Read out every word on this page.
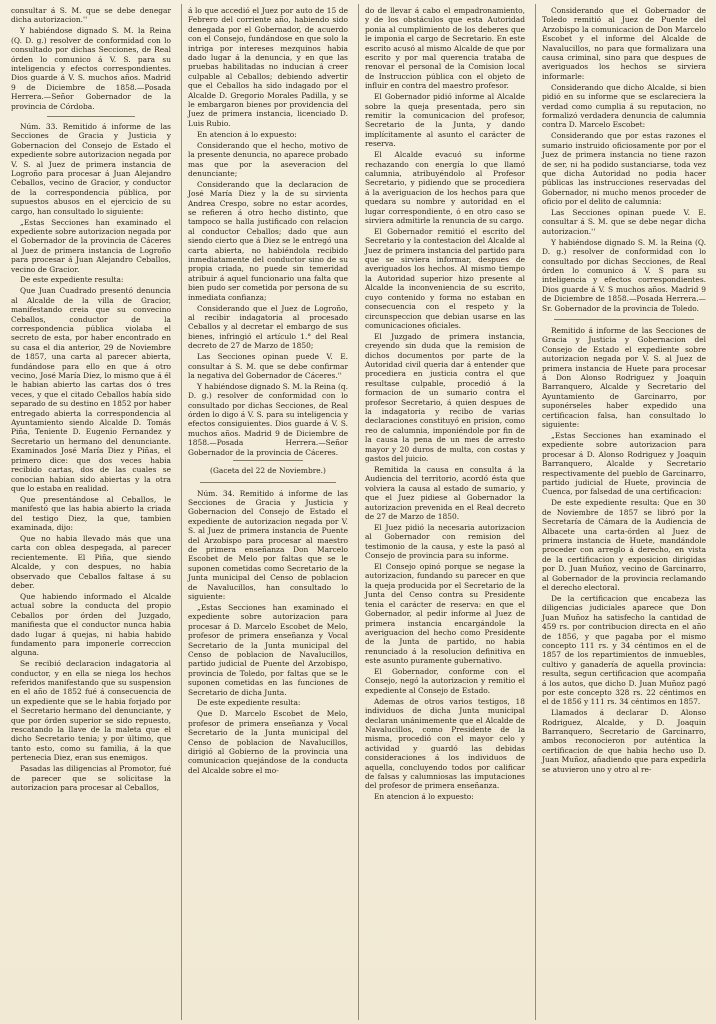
consultar á S. M. que se debe denegar dicha autorizacion.''

Y habiéndose dignado S. M. la Reina (Q. D. g.) resolver de conformidad con lo consultado por dichas Secciones, de Real órden lo comunico á V. S. para su inteligencia y efectos correspondientes. Dios guarde á V. S. muchos años. Madrid 9 de Diciembre de 1858.—Posada Herrera.—Señor Gobernador de la provincia de Córdoba.

Núm. 33. Remitido á informe de las Secciones de Gracia y Justicia y Gobernacion del Consejo de Estado el expediente sobre autorizacion negada por V. S. al Juez de primera instancia de Logroño para procesar á Juan Alejandro Ceballos, vecino de Gracior, y conductor de la correspondencia pública, por supuestos abusos en el ejercicio de su cargo, han consultado lo siguiente:

„Estas Secciones han examinado el expediente sobre autorizacion negada por el Gobernador de la provincia de Cáceres al Juez de primera instancia de Logroño para procesar á Juan Alejandro Ceballos, vecino de Gracior.

De este expediente resulta:

Que Juan Cuadrado presentó denuncia al Alcalde de la villa de Gracior, manifestando creia que su convecino Ceballos, conductor de la correspondencia pública violaba el secreto de esta, por haber encontrado en su casa el dia anterior, 29 de Noviembre de 1857, una carta al parecer abierta, fundándose para ello en que á otro vecino, José María Diez, lo mismo que á él le habian abierto las cartas dos ó tres veces, y que el citado Ceballos había sido separado de su destino en 1852 por haber entregado abierta la correspondencia al Ayuntamiento siendo Alcalde D. Tomás Piña, Teniente D. Eugenio Fernandez y Secretario un hermano del denunciante. Examinados José María Diez y Piñas, el primero dice: que dos veces habia recibido cartas, dos de las cuales se conocian habian sido abiertas y la otra que lo estaba en realidad.

Que presentándose al Ceballos, le manifestó que las habia abierto la criada del testigo Diez, la que, tambien examinada, dijo:

Que no habia llevado más que una carta con oblea despegada, al parecer recientemente. El Piña, que siendo Alcalde, y con despues, no habia observado que Ceballos faltase á su deber.

Que habiendo informado el Alcalde actual sobre la conducta del propio Ceballos por órden del Juzgado, manifiesta que el conductor nunca habia dado lugar á quejas, ni habia habido fundamento para imponerle correccion alguna.

Se recibió declaracion indagatoria al conductor, y en ella se niega los hechos referidos manifestando que su suspension en el año de 1852 fué á consecuencia de un expediente que se le habia forjado por el Secretario hermano del denunciante, y que por órden superior se sido repuesto, rescatando la llave de la maleta que el dicho Secretario tenia; y por último, que tanto esto, como su familia, á la que pertenecia Diez, eran sus enemigos.

Pasadas las diligencias al Promotor, fué de parecer que se solicitase la autorizacion para procesar al Ceballos,

á lo que accedió el Juez por auto de 15 de Febrero del corriente año, habiendo sido denegada por el Gobernador, de acuerdo con el Consejo, fundándose en que solo la intriga por intereses mezquinos habia dado lugar á la denuncia, y en que las pruebas habilitadas no inducian á creer culpable al Ceballos; debiendo advertir que el Ceballos ha sido indagado por el Alcalde D. Gregorio Morales Padilla, y se le embargaron bienes por providencia del Juez de primera instancia, licenciado D. Luis Rubio.

En atencion á lo expuesto:

Considerando que el hecho, motivo de la presente denuncia, no aparece probado mas que por la aseveracion del denunciante;

Considerando que la declaracion de José María Diez y la de su sirvienta Andrea Crespo, sobre no estar acordes, se refieren á otro hecho distinto, que tampoco se halla justificado con relacion al conductor Ceballos; dado que aun siendo cierto que á Diez se le entregó una carta abierta, no habiéndola recibido inmediatamente del conductor sino de su propia criada, no puede sin temeridad atribuir á aquel funcionario una falta que bien pudo ser cometida por persona de su inmediata confianza;

Considerando que el Juez de Logroño, al recibir indagatoria al procesado Ceballos y al decretar el embargo de sus bienes, infringió el artículo 1.° del Real decreto de 27 de Marzo de 1850;

Las Secciones opinan puede V. E. consultar á S. M. que se debe confirmar la negativa del Gobernador de Cáceres.''

Y habiéndose dignado S. M. la Reina (q. D. g.) resolver de conformidad con lo consultado por dichas Secciones, de Real órden lo digo á V. S. para su inteligencia y efectos consiguientes. Dios guarde á V. S. muchos años. Madrid 9 de Diciembre de 1858.—Posada Herrera.—Señor Gobernador de la provincia de Cáceres.

(Gaceta del 22 de Noviembre.)

Núm. 34. Remitido á informe de las Secciones de Gracia y Justicia y Gobernacion del Consejo de Estado el expediente de autorizacion negada por V. S. al Juez de primera instancia de Puente del Arzobispo para procesar al maestro de primera enseñanza Don Marcelo Escobet de Melo por faltas que se le suponen cometidas como Secretario de la Junta municipal del Censo de poblacion de Navalucillos, han consultado lo siguiente:

„Estas Secciones han examinado el expediente sobre autorizacion para procesar á D. Marcelo Escobet de Melo, profesor de primera enseñanza y Vocal Secretario de la Junta municipal del Censo de poblacion de Navalucillos, partido judicial de Puente del Arzobispo, provincia de Toledo, por faltas que se le suponen cometidas en las funciones de Secretario de dicha Junta.

De este expediente resulta:

Que D. Marcelo Escobet de Melo, profesor de primera enseñanza y Vocal Secretario de la Junta municipal del Censo de poblacion de Navalucillos, dirigió al Gobierno de la provincia una comunicacion quejándose de la conducta del Alcalde sobre el mo-

do de llevar á cabo el empadronamiento, y de los obstáculos que esta Autoridad ponia al cumplimiento de los deberes que le imponia el cargo de Secretario. En este escrito acusó al mismo Alcalde de que por escrito y por mal querencia trataba de renovar el personal de la Comision local de Instruccion pública con el objeto de influir en contra del maestro profesor.

El Gobernador pidió informe al Alcalde sobre la queja presentada, pero sin remitir la comunicacion del profesor, Secretario de la Junta, y dando implícitamente al asunto el carácter de reserva.

El Alcalde evacuó su informe rechazando con energía lo que llamó calumnia, atribuyéndolo al Profesor Secretario, y pidiendo que se procediera á la averiguacion de los hechos para que quedara su nombre y autoridad en el lugar correspondiente, ó en otro caso se sirviera admitirle la renuncia de su cargo.

El Gobernador remitió el escrito del Secretario y la contestacion del Alcalde al Juez de primera instancia del partido para que se sirviera informar, despues de averiguados los hechos. Al mismo tiempo la Autoridad superior hizo presente al Alcalde la inconveniencia de su escrito, cuyo contenido y forma no estaban en consecuencia con el respeto y la circunspeccion que debian usarse en las comunicaciones oficiales.

El Juzgado de primera instancia, creyendo sin duda que la remision de dichos documentos por parte de la Autoridad civil queria dar á entender que procediera en justicia contra el que resultase culpable, procedió á la formacion de un sumario contra el profesor Secretario, á quien despues de la indagatoria y recibo de varias declaraciones constituyó en prision, como reo de calumnia, imponiéndole por fin de la causa la pena de un mes de arresto mayor y 20 duros de multa, con costas y gastos del juicio.

Remitida la causa en consulta á la Audiencia del territorio, acordó ésta que volviera la causa al estado de sumario, y que el Juez pidiese al Gobernador la autorizacion prevenida en el Real decreto de 27 de Marzo de 1850.

El Juez pidió la necesaria autorizacion al Gobernador con remision del testimonio de la causa, y este la pasó al Consejo de provincia para su informe.

El Consejo opinó porque se negase la autorizacion, fundando su parecer en que la queja producida por el Secretario de la Junta del Censo contra su Presidente tenia el carácter de reserva: en que el Gobernador, al pedir informe al Juez de primera instancia encargándole la averiguacion del hecho como Presidente de la Junta de partido, no habia renunciado á la resolucion definitiva en este asunto puramente gubernativo.

El Gobernador, conforme con el Consejo, negó la autorizacion y remitio el expediente al Consejo de Estado.

Ademas de otros varios testigos, 18 individuos de dicha Junta municipal declaran unánimemente que el Alcalde de Navalucillos, como Presidente de la misma, procedió con el mayor celo y actividad y guardó las debidas consideraciones á los individuos de aquella, concluyendo todos por calificar de falsas y calumniosas las imputaciones del profesor de primera enseñanza.

En atencion á lo expuesto:

Considerando que el Gobernador de Toledo remitió al Juez de Puente del Arzobispo la comunicacion de Don Marcelo Escobet y el informe del Alcalde de Navalucillos, no para que formalizara una causa criminal, sino para que despues de averiguados los hechos se sirviera informarle:

Considerando que dicho Alcalde, si bien pidió en su informe que se esclareciera la verdad como cumplia á su reputacion, no formalizó verdadera denuncia de calumnia contra D. Marcelo Escobet:

Considerando que por estas razones el sumario instruido oficiosamente por por el Juez de primera instancia no tiene razon de ser, ni ha podido sustanciarse, toda vez que dicha Autoridad no podia hacer públicas las instrucciones reservadas del Gobernador, ni mucho menos proceder de oficio por el delito de calumnia:

Las Secciones opinan puede V. E. consultar á S. M. que se debe negar dicha autorizacion.''

Y habiéndose dignado S. M. la Reina (Q. D. g.) resolver de conformidad con lo consultado por dichas Secciones, de Real órden lo comunico á V. S para su inteligencia y efectos correspondientes. Dios guarde á V. S muchos años. Madrid 9 de Diciembre de 1858.—Posada Herrera.—Sr. Gobernador de la provincia de Toledo.

Remitido á informe de las Secciones de Gracia y Justicia y Gobernacion del Consejo de Estado el expediente sobre autorizacion negada por V. S. al Juez de primera instancia de Huete para procesar á Don Alonso Rodriguez y Joaquin Barranquero, Alcalde y Secretario del Ayuntamiento de Garcinarro, por suponérseles haber expedido una certificacion falsa, han consultado lo siguiente:

„Estas Secciones han examinado el expediente sobre autorizacion para procesar á D. Alonso Rodriguez y Joaquin Barranquero, Alcalde y Secretario respectivamente del pueblo de Garcinarro, partido judicial de Huete, provincia de Cuenca, por falsedad de una certificacion:

De este expediente resulta: Que en 30 de Noviembre de 1857 se libró por la Secretaría de Cámara de la Audiencia de Albacete una carta-órden al Juez de primera instancia de Huete, mandándole proceder con arreglo á derecho, en vista de la certificacion y exposicion dirigidas por D. Juan Muñoz, vecino de Garcinarro, al Gobernador de la provincia reclamando el derecho electoral.

De la certificacion que encabeza las diligencias judiciales aparece que Don Juan Muñoz ha satisfecho la cantidad de 459 rs. por contribucion directa en el año de 1856, y que pagaba por el mismo concepto 111 rs. y 34 céntimos en el de 1857 de los repartimientos de inmuebles, cultivo y ganadería de aquella provincia: resulta, segun certificacion que acompaña á los autos, que dicho D. Juan Muñoz pagó por este concepto 328 rs. 22 céntimos en el de 1856 y 111 rs. 34 céntimos en 1857.

Llamados á declarar D. Alonso Rodriguez, Alcalde, y D. Joaquin Barranquero, Secretario de Garcinarro, ambos reconocieron por auténtica la certificacion de que habia hecho uso D. Juan Muñoz, añadiendo que para expedirla se atuvieron uno y otro al re-
